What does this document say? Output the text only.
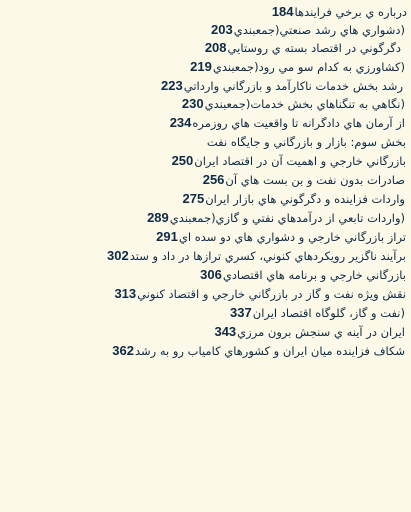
درباره ي برخي فرايندها184
(دشواري هاي رشد صنعتي(جمعبندي203
دگرگوني در اقتصاد بسته ي روستايي208
(كشاورزي به كدام سو مي رود(جمعبندي219
رشد بخش خدمات ناكارآمد و بازرگاني وارداتي223
(نگاهي به تنگناهاي بخش خدمات(جمعبندي230
از آرمان هاي دادگرانه تا واقعيت هاي روزمره234
بخش سوم: بازار و بازرگاني و جايگاه نفت
بازرگاني خارجي و اهميت آن در اقتصاد ايران250
صادرات بدون نفت و بن بست هاي آن256
واردات فزاينده و دگرگوني هاي بازار ايران275
(واردات تابعي از درآمدهاي نفتي و گازي(جمعبندي289
تراز بازرگاني خارجي و دشواري هاي دو سده اي291
برآيند ناگزير رويكردهاي كنوني، كسري ترازها در داد و ستد302
بازرگاني خارجي و برنامه هاي اقتصادي306
نقش ويژه نفت و گاز در بازرگاني خارجي و اقتصاد كنوني313
(نفت و گاز، گلوگاه اقتصاد ايران337
ايران در آينه ي سنجش برون مرزي343
شكاف فزاينده ميان ايران و كشورهاي كامياب رو به رشد362
